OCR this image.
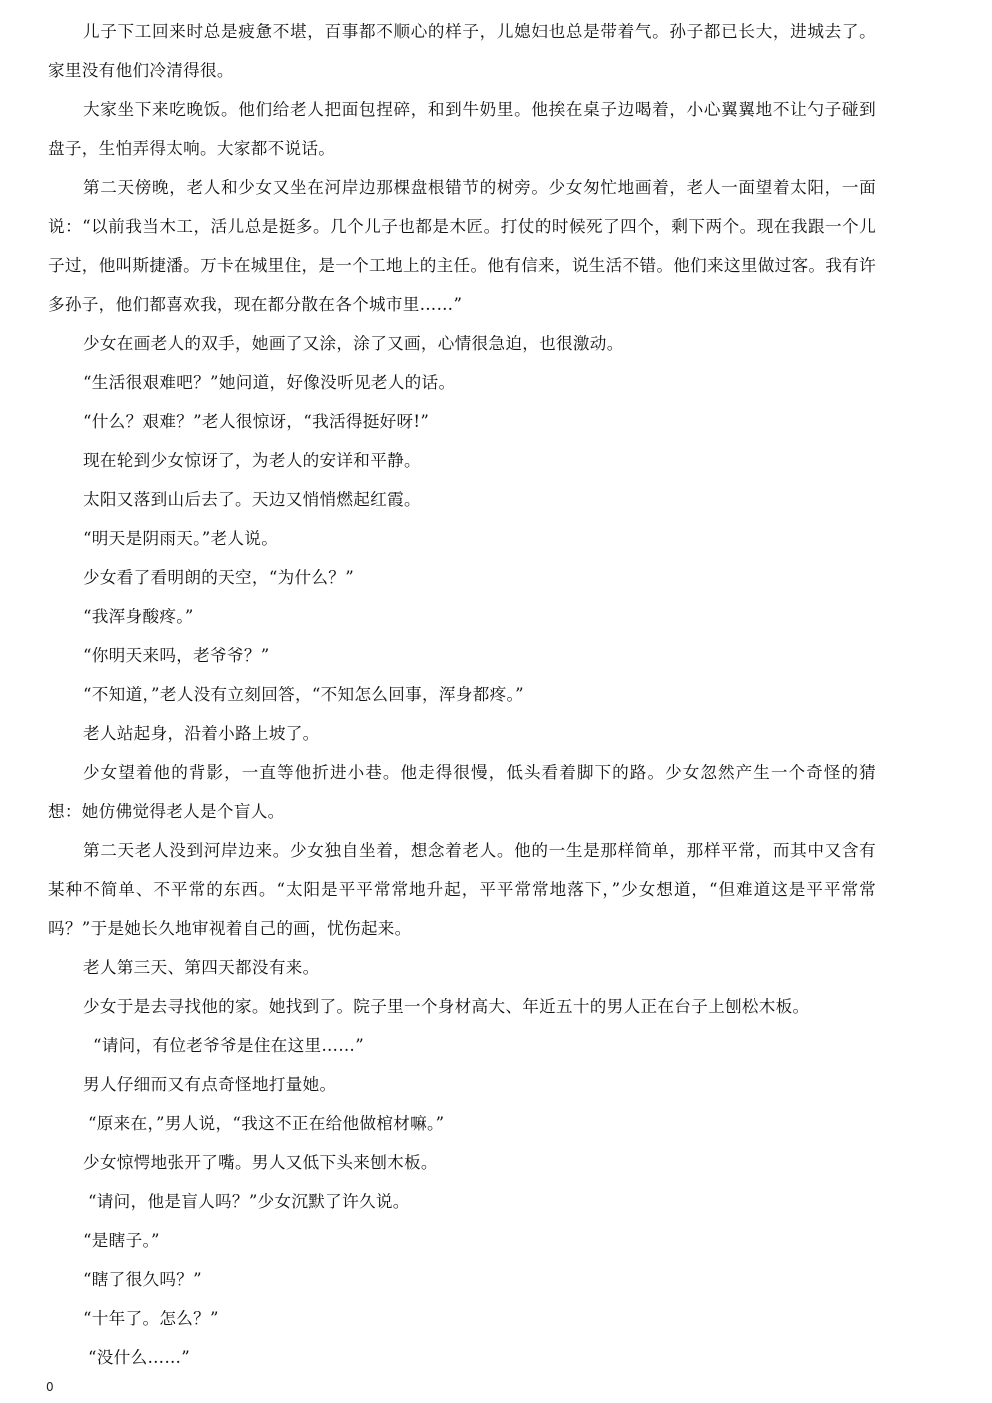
儿子下工回来时总是疲惫不堪，百事都不顺心的样子，儿媳妇也总是带着气。孙子都已长大，进城去了。家里没有他们冷清得很。

大家坐下来吃晚饭。他们给老人把面包捏碎，和到牛奶里。他挨在桌子边喝着，小心翼翼地不让勺子碰到盘子，生怕弄得太响。大家都不说话。

第二天傍晚，老人和少女又坐在河岸边那棵盘根错节的树旁。少女匆忙地画着，老人一面望着太阳，一面说：“以前我当木工，活儿总是挺多。几个儿子也都是木匠。打仗的时候死了四个，剩下两个。现在我跟一个儿子过，他叫斯捷潘。万卡在城里住，是一个工地上的主任。他有信来，说生活不错。他们来这里做过客。我有许多孙子，他们都喜欢我，现在都分散在各个城市里……”

少女在画老人的双手，她画了又涂，涂了又画，心情很急迫，也很激动。

“生活很艰难吧？”她问道，好像没听见老人的话。

“什么？艰难？”老人很惊讶，“我活得挺好呀!”

现在轮到少女惊讶了，为老人的安详和平静。

太阳又落到山后去了。天边又悄悄燃起红霞。

“明天是阴雨天。”老人说。

少女看了看明朗的天空，“为什么？”

“我浑身酸疼。”

“你明天来吗，老爷爷？”

“不知道，”老人没有立刻回答，“不知怎么回事，浑身都疼。”

老人站起身，沿着小路上坡了。

少女望着他的背影，一直等他折进小巷。他走得很慢，低头看着脚下的路。少女忽然产生一个奇怪的猜想：她仿佛觉得老人是个盲人。

第二天老人没到河岸边来。少女独自坐着，想念着老人。他的一生是那样简单，那样平常，而其中又含有某种不简单、不平常的东西。“太阳是平平常常地升起，平平常常地落下，”少女想道，“但难道这是平平常常吗？”于是她长久地审视着自己的画，忧伤起来。

老人第三天、第四天都没有来。

少女于是去寻找他的家。她找到了。院子里一个身材高大、年近五十的男人正在台子上刨松木板。

“请问，有位老爷爷是住在这里……”

男人仔细而又有点奇怪地打量她。

“原来在，”男人说，“我这不正在给他做棺材嘛。”

少女惊愕地张开了嘴。男人又低下头来刨木板。

“请问，他是盲人吗？”少女沉默了许久说。

“是瞎子。”

“瞎了很久吗？”

“十年了。怎么？”

“没什么……”

0
